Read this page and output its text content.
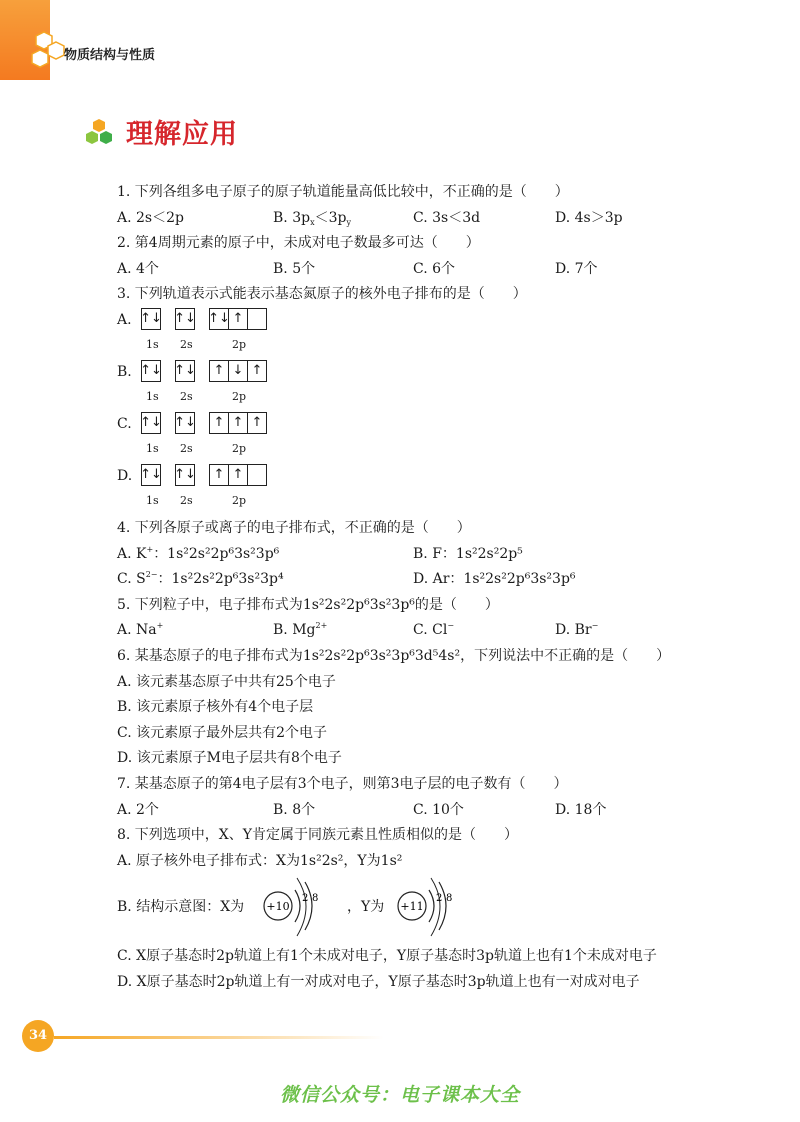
物质结构与性质
理解应用
1. 下列各组多电子原子的原子轨道能量高低比较中，不正确的是（　　）
A. 2s＜2p	B. $3p_x<3p_y$	C. 3s＜3d	D. 4s＞3p
2. 第4周期元素的原子中，未成对电子数最多可达（　　）
A. 4个	B. 5个	C. 6个	D. 7个
3. 下列轨道表示式能表示基态氮原子的核外电子排布的是（　　）
A. ↑↓ ↑↓ ↑↓ ↑
1s 2s	2p
B. ↑↓ ↑↓	↑ ↓ ↑
1s 2s	2p
C. ↑↓ ↑↓	↑ ↑ ↑
1s 2s	2p
D. ↑↓ ↑↓	↑ ↑
1s 2s	2p
4. 下列各原子或离子的电子排布式，不正确的是（　　）
A. K+：1s²2s²2p⁶3s²3p⁶	B. F：1s²2s²2p⁵
C. $S^{2-}$：1s²2s²2p⁶3s²3p⁴	D. Ar：1s²2s²2p⁶3s²3p⁶
5. 下列粒子中，电子排布式为1s²2s²2p⁶3s²3p⁶的是（　　）
A. Na+	B. $Mg^{2+}$	C. Cl−	D. Br−
6. 某基态原子的电子排布式为1s²2s²2p⁶3s²3p⁶3d⁵4s²，下列说法中不正确的是（　　）
A. 该元素基态原子中共有25个电子
B. 该元素原子核外有4个电子层
C. 该元素原子最外层共有2个电子
D. 该元素原子M电子层共有8个电子
7. 某基态原子的第4电子层有3个电子，则第3电子层的电子数有（　　）
A. 2个	B. 8个	C. 10个	D. 18个
8. 下列选项中，X、Y肯定属于同族元素且性质相似的是（　　）
A. 原子核外电子排布式：X为1s²2s²，Y为1s²
B. 结构示意图：X为 +10
2 8
，Y为 +11
2 8
C. X原子基态时2p轨道上有1个未成对电子，Y原子基态时3p轨道上也有1个未成对电子
D. X原子基态时2p轨道上有一对成对电子，Y原子基态时3p轨道上也有一对成对电子
34
微信公众号：电子课本大全
